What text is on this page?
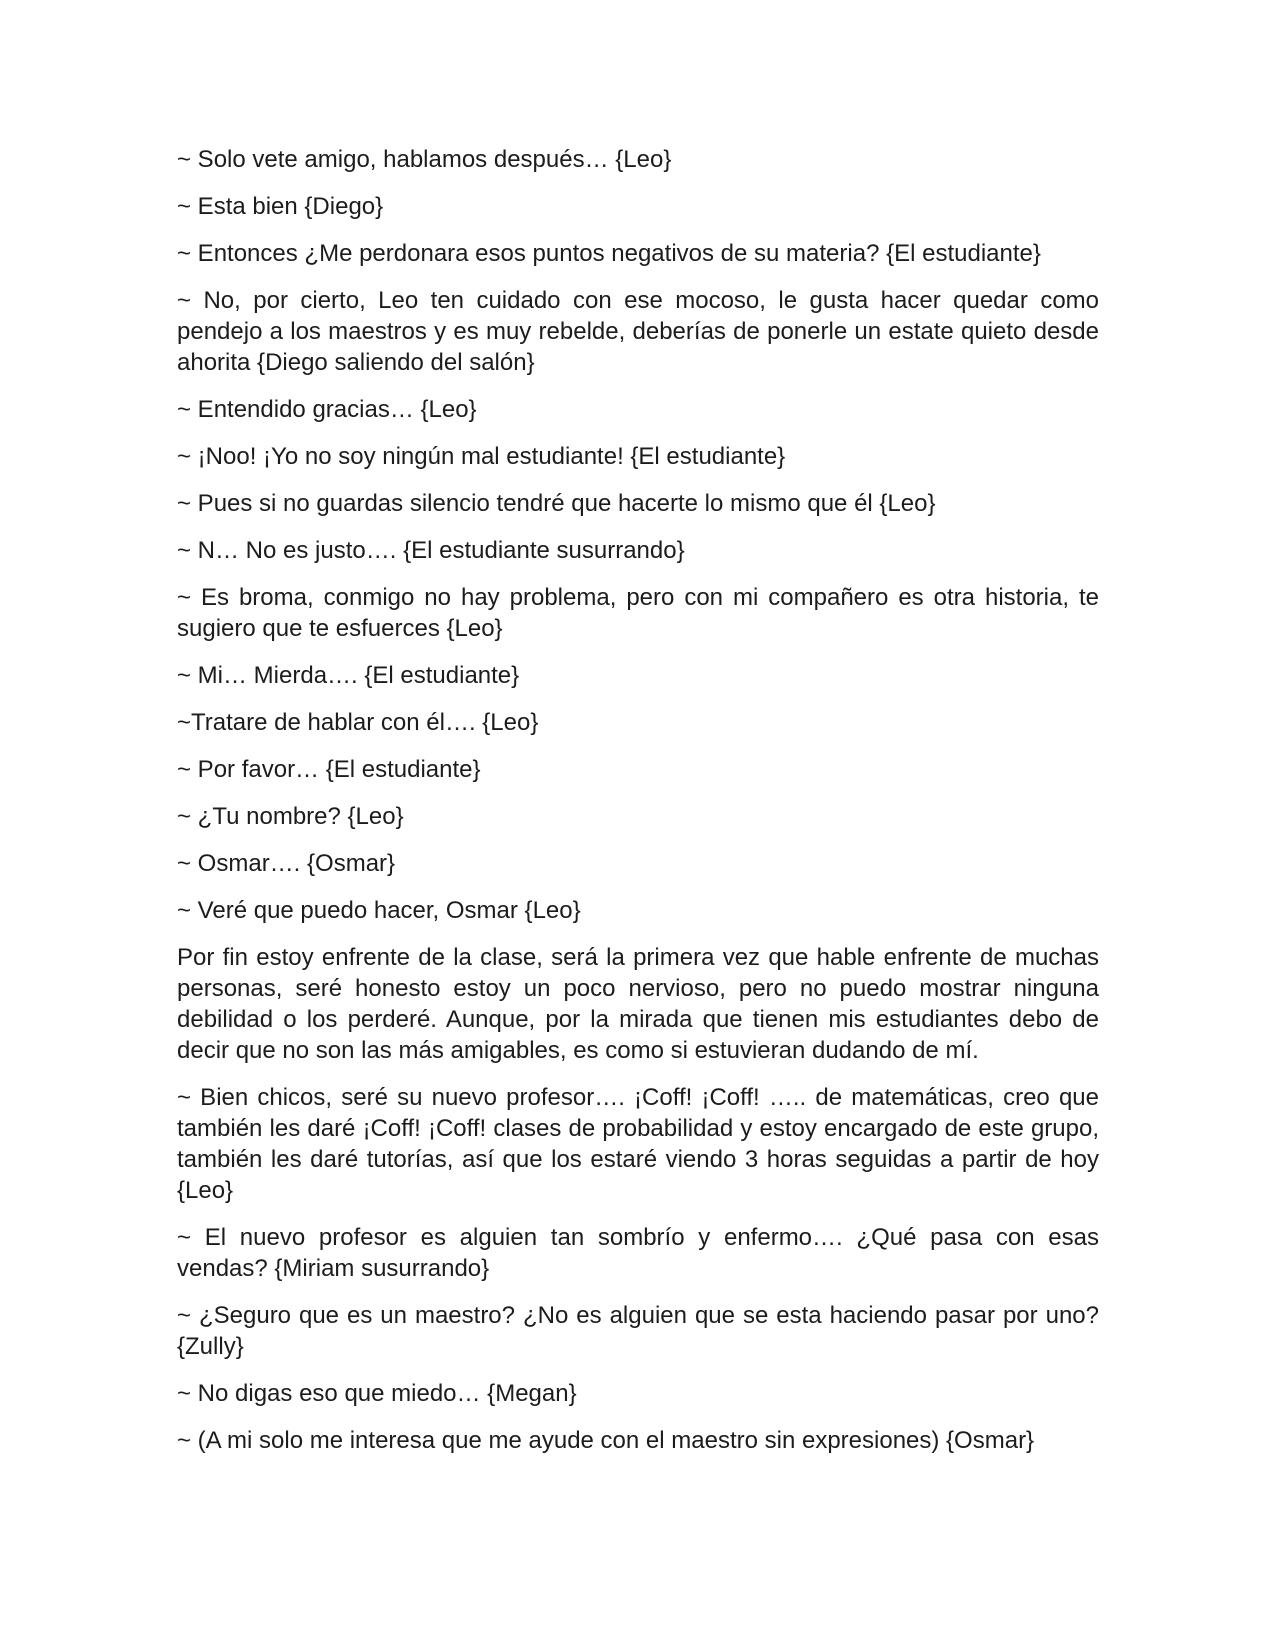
~ Solo vete amigo, hablamos después… {Leo}

~ Esta bien {Diego}

~ Entonces ¿Me perdonara esos puntos negativos de su materia? {El estudiante}

~ No, por cierto, Leo ten cuidado con ese mocoso, le gusta hacer quedar como pendejo a los maestros y es muy rebelde, deberías de ponerle un estate quieto desde ahorita {Diego saliendo del salón}

~ Entendido gracias… {Leo}

~ ¡Noo! ¡Yo no soy ningún mal estudiante! {El estudiante}

~ Pues si no guardas silencio tendré que hacerte lo mismo que él {Leo}

~ N… No es justo…. {El estudiante susurrando}

~ Es broma, conmigo no hay problema, pero con mi compañero es otra historia, te sugiero que te esfuerces {Leo}

~ Mi… Mierda…. {El estudiante}

~Tratare de hablar con él…. {Leo}

~ Por favor… {El estudiante}

~ ¿Tu nombre? {Leo}

~ Osmar…. {Osmar}

~ Veré que puedo hacer, Osmar {Leo}

Por fin estoy enfrente de la clase, será la primera vez que hable enfrente de muchas personas, seré honesto estoy un poco nervioso, pero no puedo mostrar ninguna debilidad o los perderé. Aunque, por la mirada que tienen mis estudiantes debo de decir que no son las más amigables, es como si estuvieran dudando de mí.

~ Bien chicos, seré su nuevo profesor…. ¡Coff! ¡Coff! ….. de matemáticas, creo que también les daré ¡Coff! ¡Coff! clases de probabilidad y estoy encargado de este grupo, también les daré tutorías, así que los estaré viendo 3 horas seguidas a partir de hoy {Leo}

~ El nuevo profesor es alguien tan sombrío y enfermo…. ¿Qué pasa con esas vendas? {Miriam susurrando}

~ ¿Seguro que es un maestro? ¿No es alguien que se esta haciendo pasar por uno? {Zully}

~ No digas eso que miedo… {Megan}

~ (A mi solo me interesa que me ayude con el maestro sin expresiones) {Osmar}
